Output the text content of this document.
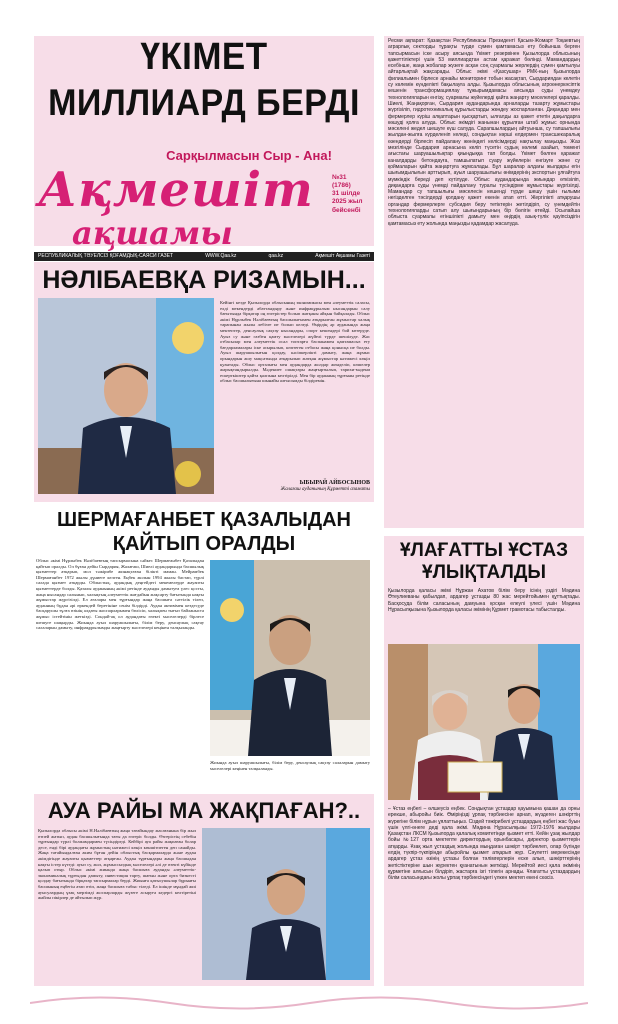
ҮКІМЕТ
МИЛЛИАРД БЕРДІ
Сарқылмасын Сыр - Ана!
Ақмешіт
ақшамы
№31
(1786)
31 шілде
2025 жыл
бейсенбі
РЕСПУБЛИКАЛЫҚ ТӘУЕЛСІЗ ҚОҒАМДЫҚ-САЯСИ ГАЗЕТ	WWW.Qaa.kz	qaa.kz	Ақмешіт Ақшамы Газеті
НӘЛІБАЕВҚА РИЗАМЫН...
Кейінгі кезде Қызылорда облысының экономикасы мен әлеуметтік саласы, елді мекендерді абаттандыру және инфрақұрылым нысандарын салу бағытында бірқатар оң өзгерістер болып жатқаны айқын байқалады. Облыс әкімі Нұрлыбек Нәлібаевтың басшылығымен атқарылған жұмыстар халық тарапынан жылы лебізге ие болып келеді. Өңірдің әр ауданында жаңа мектептер, денсаулық сақтау нысандары, спорт кешендері бой көтеруде. Ауыз су және газбен қамту мәселелері жүйелі түрде шешілуде. Жас отбасылар мен әлеуметтік осал топтарға баспанамен қамтамасыз ету бағдарламалары іске асырылып, көптеген отбасы жаңа қонысқа ие болды. Ауыл шаруашылығын қолдау, кәсіпкерлікті дамыту, жаңа жұмыс орындарын ашу мақсатында атқарылып жатқан жұмыстар нәтижесі көңіл қуантады. Облыс орталығы мен аудандарда жолдар жөнделіп, көшелер жарықтандырылды. Мәдениет ошақтары жаңғыртылып, тарихи-мәдени ескерткіштер қайта қалпына келтірілді. Мен бір ауданның тұрғыны ретінде облыс басшылығына шынайы алғысымды білдіремін.
ЫБЫРАЙ АЙБОСЫНОВ
Жалағаш ауданының Құрметті азаматы
ШЕРМАҒАНБЕТ ҚАЗАЛЫДАН
ҚАЙТЫП ОРАЛДЫ
Облыс әкімі Нұрлыбек Нәлібаевтың тапсырмасына сәйкес Шермағанбет Қазалыдан қайтып оралды. Ол бұған дейін Сырдария, Жалағаш, Шиелі аудандарында басшылық қызметтер атқарып, мол тәжірибе жинақтаған білікті маман. Мейрамбек Шермағанбет 1972 жылы дүниеге келген. Еңбек жолын 1994 жылы бастап, түрлі салада қызмет атқарды. Облыстық, аудандық деңгейдегі мекемелерде жауапты қызметтерде болды. Қазалы ауданының әкімі ретінде ауданды дамытуға үлес қосты, жаңа нысандар салынып, халықтың әлеуметтік жағдайын жақсарту бағытында нақты жұмыстар жүргізілді. Ел ағалары мен тұрғындар жаңа басшыға сәттілік тілеп, ауданның бұдан әрі өркендей беретініне сенім білдірді. Аудан активімен кездесуде басқарушы тұлға өзінің алдағы жоспарларымен бөлісіп, халықпен тығыз байланыста жұмыс істейтінін жеткізді. Сондай-ақ ол аудандағы өзекті мәселелерді бірлесе шешуге шақырды. Жиында ауыл шаруашылығы, білім беру, денсаулық сақтау салаларын дамыту, инфрақұрылымды жаңғырту мәселелері кеңінен талқыланды.
Жиында ауыл шаруашылығы, білім беру, денсаулық сақтау салаларын дамыту мәселелері кеңінен талқыланды.
АУА РАЙЫ МА ЖАҚПАҒАН?..
Қызылорда облысы әкімі Н.Нәлібаевтың жаңа тағайындау жасағанына бір жыл өтпей жатып, аудан басшылығында тағы да өзгеріс болды. Өзгерістің себебін тұрғындар түрлі болжамдармен түсіндіреді. Кейбірі ауа райы жақпаған болар десе, енді бірі аудандағы жұмыстың нәтижесі көңіл көншітпеген деп санайды. Жаңа тағайындалған аким бұған дейін облыстық басқармаларда және аудан әкімдігінде жауапты қызметтер атқарған. Аудан тұрғындары жаңа басшыдан нақты істер күтеді: ауыз су, жол, жұмыссыздық мәселелері әлі де өзекті күйінде қалып отыр. Облыс әкімі жиында жаңа басшыға ауданды әлеуметтік-экономикалық тұрғыдан дамыту, инвестиция тарту, шағын және орта бизнесті қолдау бағытында бірқатар тапсырмалар берді. Жиынға қатысушылар бұрынғы басшының еңбегін атап өтіп, жаңа басшыға табыс тіледі. Ел ішінде мұндай жиі ауысулардың ұзақ мерзімді жоспарларды жүзеге асыруға кедергі келтіретіні жайлы пікірлер де айтылып жүр.
Ресми ақпарат: Қазақстан Республикасы Президенті Қасым-Жомарт Тоқаевтың аграрлық секторды тұрақты түрде сумен қамтамасыз ету бойынша берген тапсырмасын іске асыру аясында Үкімет резервінен Қызылорда облысының қажеттіліктері үшін 53 миллиардтан астам қаражат бөлінді. Мамандардың есебінше, жаңа жобалар жүзеге асқан соң суармалы жерлердің сумен қамтылуы айтарлықтай жақсарады. Облыс әкімі «Қазсушар» РМК-ның Қызылорда филиалымен бірлесе арнайы мониторинг тобын жасақтап, Сырдариядан келетін су көлемін күнделікті бақылауға алды. Қызылорда облысының агроөнеркәсіптік кешенін трансформациялау тұжырымдамасы аясында суды үнемдеу технологияларын енгізу, суармалы жүйелерді қайта жаңарту мәселелері қаралды. Шиелі, Жаңақорған, Сырдария аудандарында арналарды тазарту жұмыстары жүргізіліп, гидротехникалық құрылыстарды жөндеу жоспарланған. Диқандар мен фермерлер күріш алқаптарын қысқартып, ылғалды аз қажет ететін дақылдарға көшуді қолға алуда. Облыс әкімдігі жанынан құрылған штаб жұмыс орнында мәселені жедел шешуге күш салуда. Сарапшылардың айтуынша, су тапшылығы жылдан-жылға күрделеніп келеді, сондықтан көрші елдермен трансшекаралық өзендерді бірлесіп пайдалану жөніндегі келісімдерді нақтылау маңызды. Жаз мезгілінде Сырдария арнасына келіп түсетін судың көлемі азайып, төменгі ағыстағы шаруашылықтар қиындыққа тап болды. Үкімет бөлген қаражат каналдарды бетондауға, тамшылатып суару жүйелерін енгізуге және су қоймаларын қайта жаңартуға жұмсалады. Бұл шаралар алдағы жылдары егін шығымдылығын арттырып, ауыл шаруашылығы өнімдерінің экспортын ұлғайтуға мүмкіндік береді деп күтілуде. Облыс аудандарында жиындар өткізіліп, диқандарға суды үнемді пайдалану туралы түсіндірме жұмыстары жүргізілді. Мамандар су тапшылығы мәселесін кешенді түрде шешу үшін ғылыми негізделген тәсілдерді қолдану қажет екенін атап өтті. Жергілікті атқарушы органдар фермерлерге субсидия беру тетіктерін жетілдіріп, су үнемдейтін технологияларды сатып алу шығындарының бір бөлігін өтейді. Осылайша облыста суармалы егіншілікті дамыту мен өңірдің азық-түлік қауіпсіздігін қамтамасыз ету жолында маңызды қадамдар жасалуда.
ҰЛАҒАТТЫ ҰСТАЗ
ҰЛЫҚТАЛДЫ
Қызылорда қаласы әкімі Нұржан Ахатов білім беру ісінің үздігі Мәдина Өтеулиеваны қабылдап, ардагер ұстазды 80 жас мерейтойымен құттықтады. Басқосуда білім саласының дамуына қосқан елеулі үлесі үшін Мәдина Нұрасылқызына Қызылорда қаласы әкімінің Құрмет грамотасы табысталды.
– Ұстаз еңбегі – өлшеусіз еңбек. Сондықтан ұстаздар қауымына қашан да орны ерекше, абыройы биік. Өміріңізді ұрпақ тәрбиесіне арнап, жүздеген шәкірттің жүрегіне білім нұрын ұялаттыңыз. Сіздей тәжірибелі ұстаздардың еңбегі жас буын үшін үлгі-өнеге деді қала әкімі. Мәдина Нұрасылқызы 1972-1976 жылдары Қазақстан ЛКСМ Қызылорда қалалық комитетінде қызмет етті. Кейін ұзақ жылдар бойы №127 орта мектепте директордың орынбасары, директор қызметтерін атқарды. Ұзақ жыл ұстаздық жолында мыңдаған шәкірт тәрбиелеп, олар бүгінде елдің түкпір-түкпірінде абыройлы қызмет атқарып жүр. Сәулетті мерекесінде ардагер ұстаз өзінің ұстазы болған тәлімгерлерін еске алып, шәкірттерінің жетістіктеріне шын жүректен қуанатынын жеткізді. Мерейтой иесі қала әкімінің құрметіне алғысын білдіріп, жастарға ізгі тілегін арнады. Ұлағатты ұстаздардың білім саласындағы жолы ұрпақ тәрбиесіндегі үлкен мектеп екені сөзсіз.
